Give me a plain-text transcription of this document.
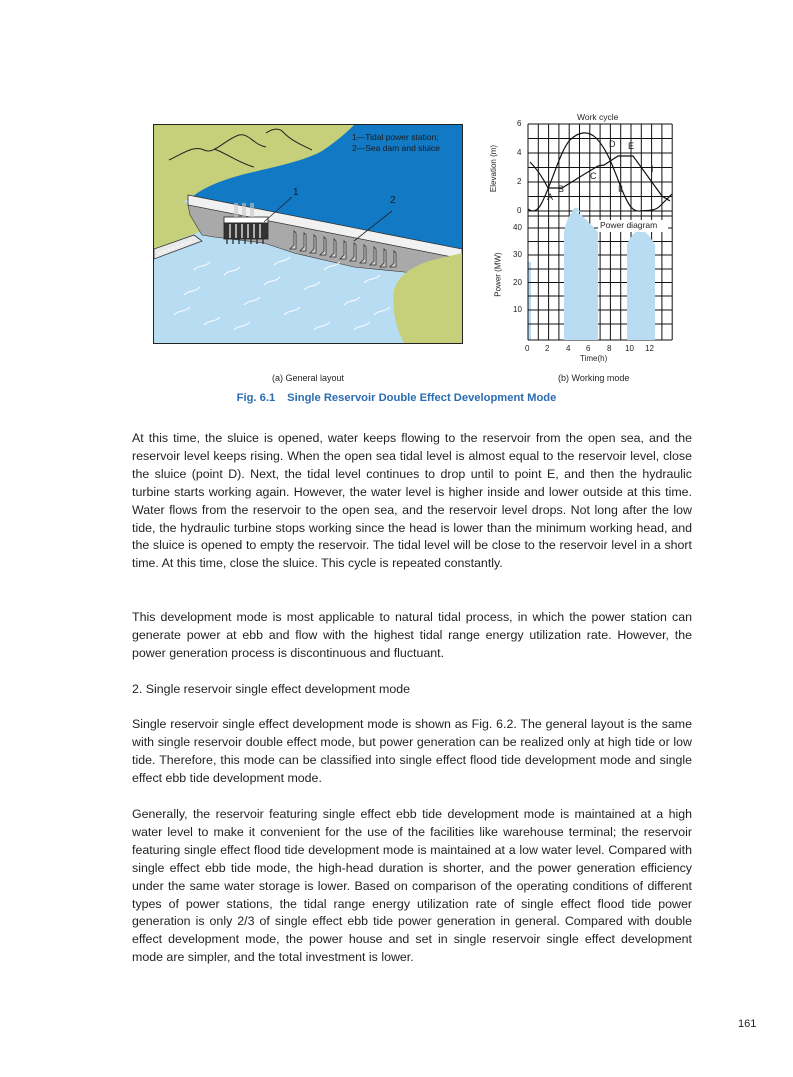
1—Tidal power station;
2—Sea dam and sluice
1
2
Work cycle
6
4
2
0
Elevation (m)
A
B
C
D E
I
II
Power diagram
40
30
20
10
Power (MW)
0 2 4 6 8 10 12
Time(h)
(a) General layout	(b) Working mode
Fig. 6.1 Single Reservoir Double Effect Development Mode

At this time, the sluice is opened, water keeps flowing to the reservoir from the open sea, and the reservoir level keeps rising. When the open sea tidal level is almost equal to the reservoir level, close the sluice (point D). Next, the tidal level continues to drop until to point E, and then the hydraulic turbine starts working again. However, the water level is higher inside and lower outside at this time. Water flows from the reservoir to the open sea, and the reservoir level drops. Not long after the low tide, the hydraulic turbine stops working since the head is lower than the minimum working head, and the sluice is opened to empty the reservoir. The tidal level will be close to the reservoir level in a short time. At this time, close the sluice. This cycle is repeated constantly.

This development mode is most applicable to natural tidal process, in which the power station can generate power at ebb and flow with the highest tidal range energy utilization rate. However, the power generation process is discontinuous and fluctuant.

2. Single reservoir single effect development mode

Single reservoir single effect development mode is shown as Fig. 6.2. The general layout is the same with single reservoir double effect mode, but power generation can be realized only at high tide or low tide. Therefore, this mode can be classified into single effect flood tide development mode and single effect ebb tide development mode.

Generally, the reservoir featuring single effect ebb tide development mode is maintained at a high water level to make it convenient for the use of the facilities like warehouse terminal; the reservoir featuring single effect flood tide development mode is maintained at a low water level. Compared with single effect ebb tide mode, the high-head duration is shorter, and the power generation efficiency under the same water storage is lower. Based on comparison of the operating conditions of different types of power stations, the tidal range energy utilization rate of single effect flood tide power generation is only 2/3 of single effect ebb tide power generation in general. Compared with double effect development mode, the power house and set in single reservoir single effect development mode are simpler, and the total investment is lower.

161
